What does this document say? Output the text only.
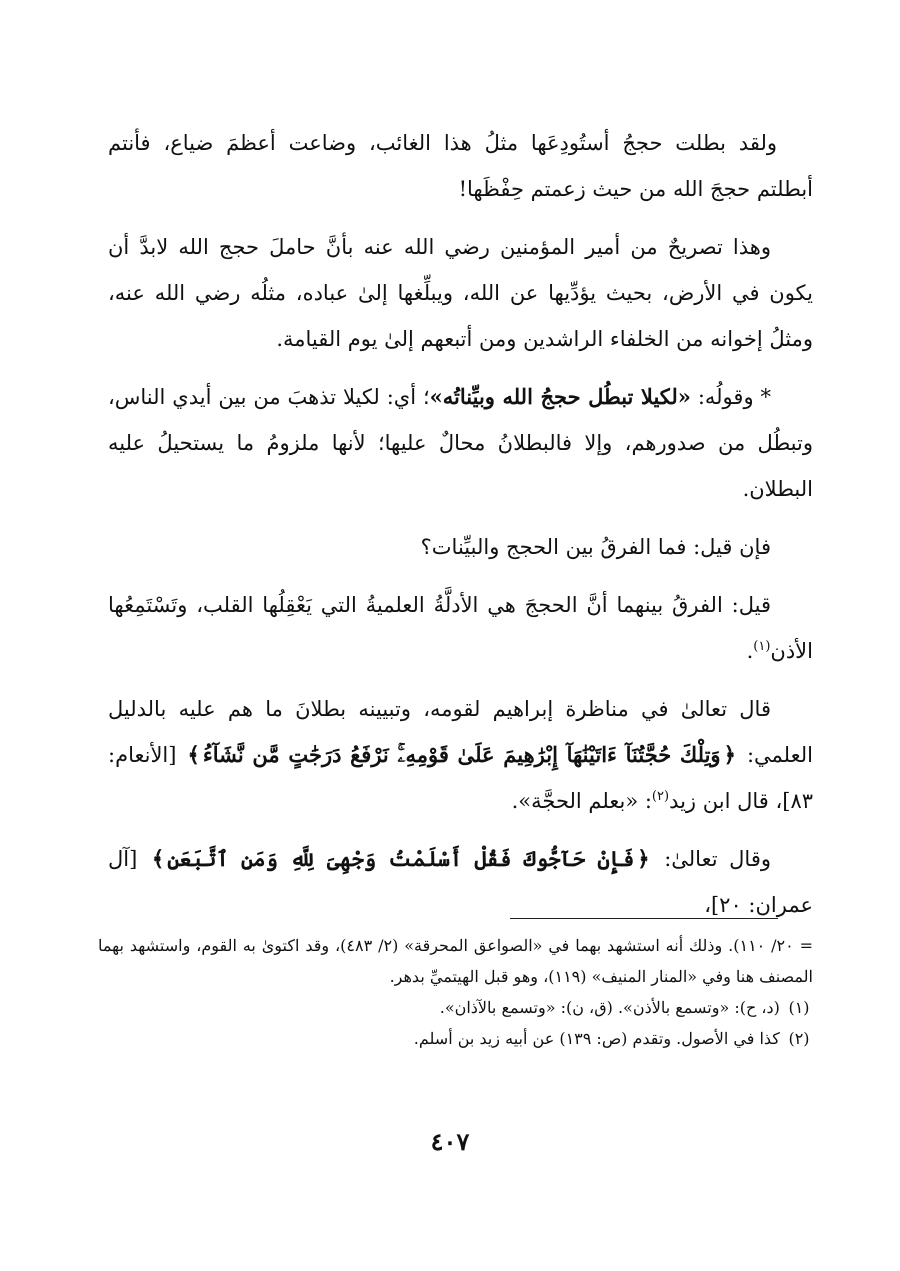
ولقد بطلت حججُ أستُودِعَها مثلُ هذا الغائب، وضاعت أعظمَ ضياع، فأنتم أبطلتم حججَ الله من حيث زعمتم حِفْظَها!

وهذا تصريحٌ من أمير المؤمنين رضي الله عنه بأنَّ حاملَ حجج الله لابدَّ أن يكون في الأرض، بحيث يؤدِّيها عن الله، ويبلِّغها إلىٰ عباده، مثلُه رضي الله عنه، ومثلُ إخوانه من الخلفاء الراشدين ومن أتبعهم إلىٰ يوم القيامة.

* وقولُه: «لكيلا تبطُل حججُ الله وبيِّناتُه»؛ أي: لكيلا تذهبَ من بين أيدي الناس، وتبطُل من صدورهم، وإلا فالبطلانُ محالٌ عليها؛ لأنها ملزومُ ما يستحيلُ عليه البطلان.

فإن قيل: فما الفرقُ بين الحجج والبيِّنات؟

قيل: الفرقُ بينهما أنَّ الحججَ هي الأدلَّةُ العلميةُ التي يَعْقِلُها القلب، وتَسْتَمِعُها الأذن$^{(١)}$.

قال تعالىٰ في مناظرة إبراهيم لقومه، وتبيينه بطلانَ ما هم عليه بالدليل العلمي: ﴿وَتِلْكَ حُجَّتُنَآ ءَاتَيْنَٰهَآ إِبْرَٰهِيمَ عَلَىٰ قَوْمِهِۦۚ نَرْفَعُ دَرَجَٰتٍ مَّن نَّشَآءُ﴾ [الأنعام: ٨٣]، قال ابن زيد$^{(٢)}$: «بعلم الحجَّة».

وقال تعالىٰ: ﴿فَإِنْ حَآجُّوكَ فَقُلْ أَسْلَمْتُ وَجْهِىَ لِلَّهِ وَمَنِ ٱتَّبَعَنِ﴾ [آل عمران: ٢٠]،

= ٢٠/ ١١٠). وذلك أنه استشهد بهما في «الصواعق المحرقة» (٢/ ٤٨٣)، وقد اكتوىٰ به القوم، واستشهد بهما المصنف هنا وفي «المنار المنيف» (١١٩)، وهو قبل الهيتميِّ بدهر.

(١) (د، ح): «وتسمع بالأذن». (ق، ن): «وتسمع بالآذان».

(٢) كذا في الأصول. وتقدم (ص: ١٣٩) عن أبيه زيد بن أسلم.

٤٠٧
